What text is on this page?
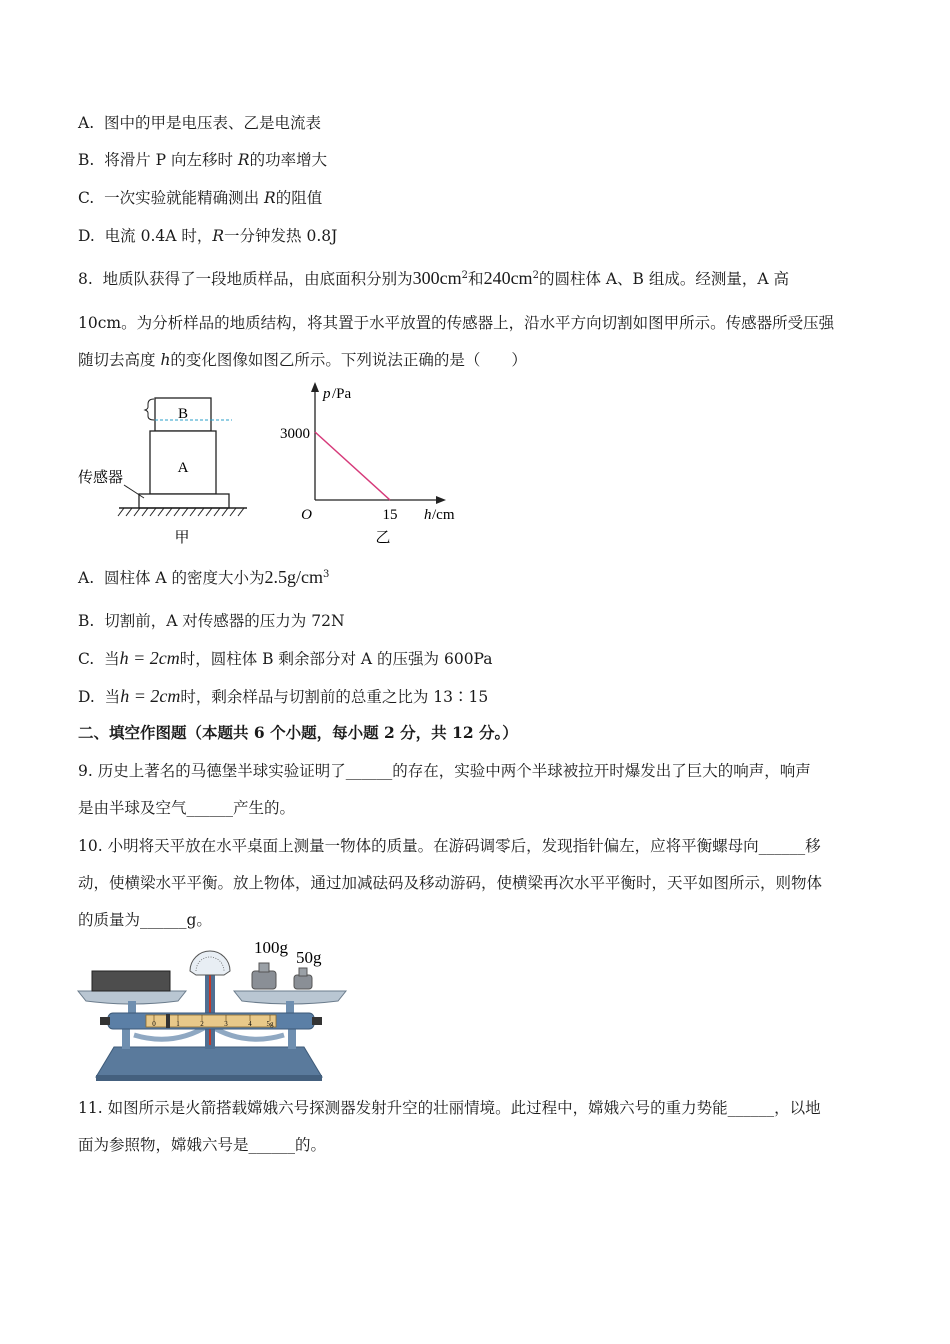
A. 图中的甲是电压表、乙是电流表
B. 将滑片 P 向左移时 R的功率增大
C. 一次实验就能精确测出 R的阻值
D. 电流 0.4A 时，R一分钟发热 0.8J
8. 地质队获得了一段地质样品，由底面积分别为$300cm^2$和$240cm^2$的圆柱体 A、B 组成。经测量，A 高
10cm。为分析样品的地质结构，将其置于水平放置的传感器上，沿水平方向切割如图甲所示。传感器所受压强
随切去高度 h的变化图像如图乙所示。下列说法正确的是（　　）
B
A
传感器
甲
p /Pa
3000
O	15 h /cm
乙
A. 圆柱体 A 的密度大小为$2.5g/cm^3$
B. 切割前，A 对传感器的压力为 72N
C. 当h = 2cm时，圆柱体 B 剩余部分对 A 的压强为 600Pa
D. 当h = 2cm时，剩余样品与切割前的总重之比为 13∶15
二、填空作图题（本题共 6 个小题，每小题 2 分，共 12 分。）
9. 历史上著名的马德堡半球实验证明了______的存在，实验中两个半球被拉开时爆发出了巨大的响声，响声
是由半球及空气______产生的。
10. 小明将天平放在水平桌面上测量一物体的质量。在游码调零后，发现指针偏左，应将平衡螺母向______移
动，使横梁水平平衡。放上物体，通过加减砝码及移动游码，使横梁再次水平平衡时，天平如图所示，则物体
的质量为______g。
100g
50g
0	1	2	3	4 5g
11. 如图所示是火箭搭载嫦娥六号探测器发射升空的壮丽情境。此过程中，嫦娥六号的重力势能______，以地
面为参照物，嫦娥六号是______的。
